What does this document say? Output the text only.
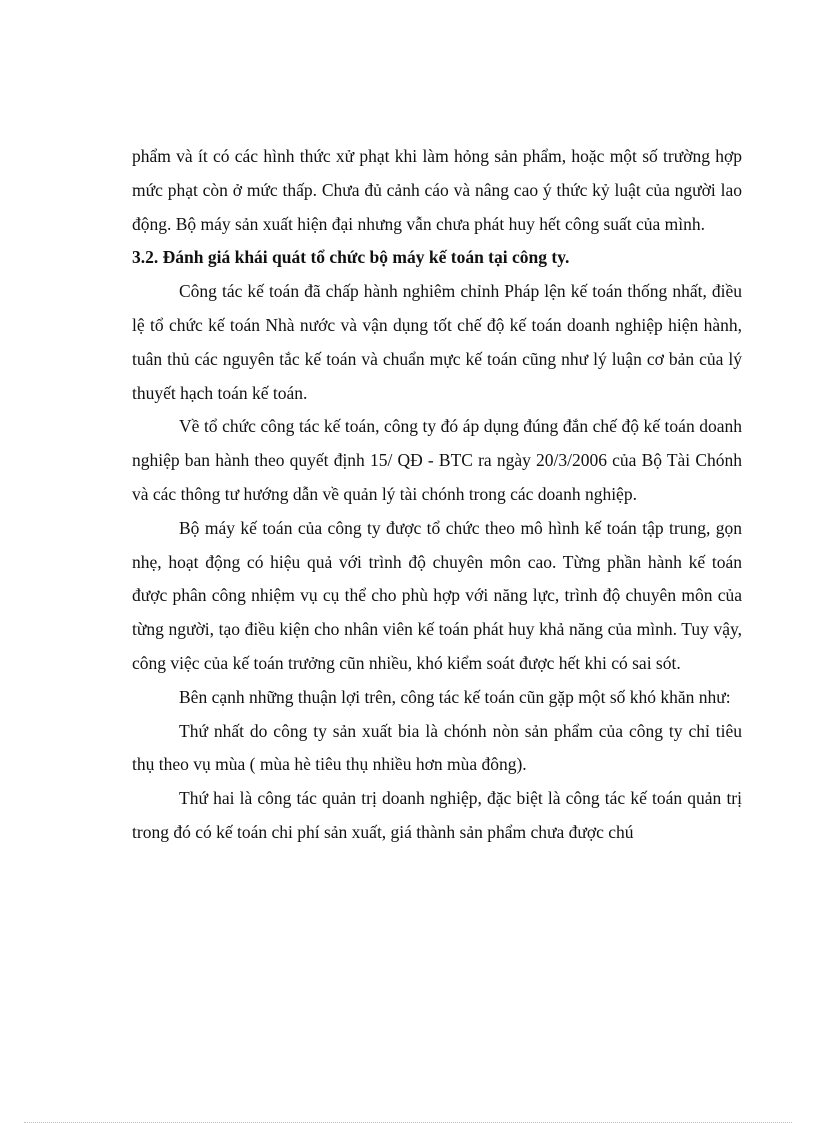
phẩm và ít có các hình thức xử phạt khi làm hỏng sản phẩm, hoặc một số trường hợp mức phạt còn ở mức thấp. Chưa đủ cảnh cáo và nâng cao ý thức kỷ luật của người lao động. Bộ máy sản xuất hiện đại nhưng vẫn chưa phát huy hết công suất của mình.

3.2. Đánh giá khái quát tổ chức bộ máy kế toán tại công ty.

Công tác kế toán đã chấp hành nghiêm chỉnh Pháp lện kế toán thống nhất, điều lệ tổ chức kế toán Nhà nước và vận dụng tốt chế độ kế toán doanh nghiệp hiện hành, tuân thủ các nguyên tắc kế toán và chuẩn mực kế toán cũng như lý luận cơ bản của lý thuyết hạch toán kế toán.

Về tổ chức công tác kế toán, công ty đó áp dụng đúng đắn chế độ kế toán doanh nghiệp ban hành theo quyết định 15/ QĐ - BTC ra ngày 20/3/2006 của Bộ Tài Chónh và các thông tư hướng dẫn về quản lý tài chónh trong các doanh nghiệp.

Bộ máy kế toán của công ty được tổ chức theo mô hình kế toán tập trung, gọn nhẹ, hoạt động có hiệu quả với trình độ chuyên môn cao. Từng phần hành kế toán được phân công nhiệm vụ cụ thể cho phù hợp với năng lực, trình độ chuyên môn của từng người, tạo điều kiện cho nhân viên kế toán phát huy khả năng của mình. Tuy vậy, công việc của kế toán trưởng cũn nhiều, khó kiểm soát được hết khi có sai sót.

Bên cạnh những thuận lợi trên, công tác kế toán cũn gặp một số khó khăn như:

Thứ nhất do công ty sản xuất bia là chónh nòn sản phẩm của công ty chỉ tiêu thụ theo vụ mùa ( mùa hè tiêu thụ nhiều hơn mùa đông).

Thứ hai là công tác quản trị doanh nghiệp, đặc biệt là công tác kế toán quản trị trong đó có kế toán chi phí sản xuất, giá thành sản phẩm chưa được chú
